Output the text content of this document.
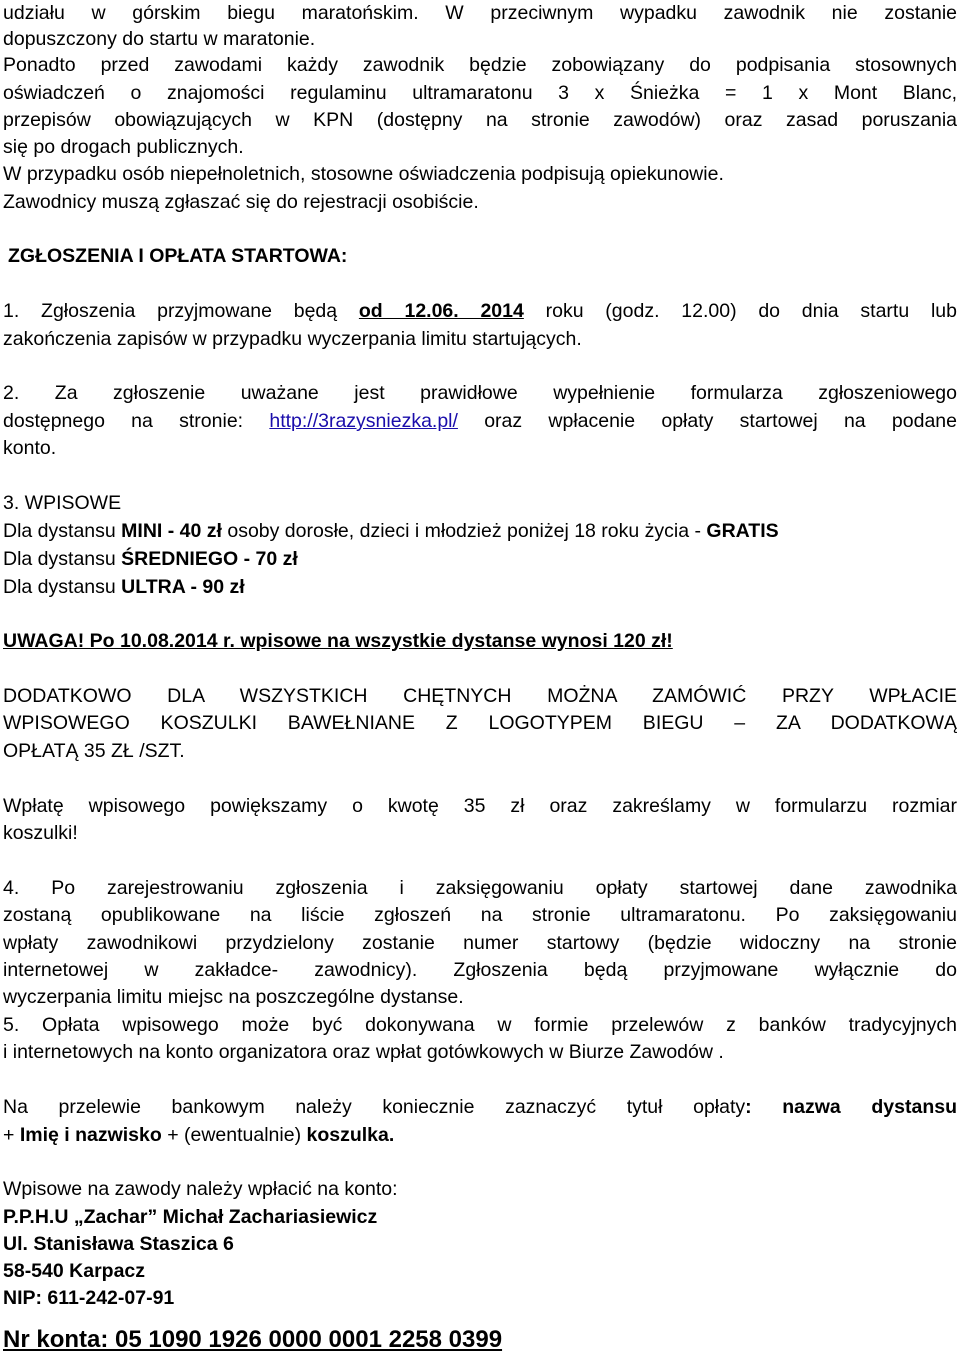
udziału w górskim biegu maratońskim. W przeciwnym wypadku zawodnik nie zostanie
dopuszczony do startu w maratonie.
Ponadto przed zawodami każdy zawodnik będzie zobowiązany do podpisania stosownych
oświadczeń o znajomości regulaminu ultramaratonu 3 x Śnieżka = 1 x Mont Blanc,
przepisów obowiązujących w KPN (dostępny na stronie zawodów) oraz zasad poruszania
się po drogach publicznych.
W przypadku osób niepełnoletnich, stosowne oświadczenia podpisują opiekunowie.
Zawodnicy muszą zgłaszać się do rejestracji osobiście.
ZGŁOSZENIA I OPŁATA STARTOWA:
1. Zgłoszenia przyjmowane będą od 12.06. 2014 roku (godz. 12.00) do dnia startu lub
zakończenia zapisów w przypadku wyczerpania limitu startujących.
2. Za zgłoszenie uważane jest prawidłowe wypełnienie formularza zgłoszeniowego
dostępnego na stronie: http://3razysniezka.pl/ oraz wpłacenie opłaty startowej na podane
konto.
3. WPISOWE
Dla dystansu MINI - 40 zł osoby dorosłe, dzieci i młodzież poniżej 18 roku życia - GRATIS
Dla dystansu ŚREDNIEGO - 70 zł
Dla dystansu ULTRA - 90 zł
UWAGA! Po 10.08.2014 r. wpisowe na wszystkie dystanse wynosi 120 zł!
DODATKOWO DLA WSZYSTKICH CHĘTNYCH MOŻNA ZAMÓWIĆ PRZY WPŁACIE
WPISOWEGO KOSZULKI BAWEŁNIANE Z LOGOTYPEM BIEGU – ZA DODATKOWĄ
OPŁATĄ 35 ZŁ /SZT.
Wpłatę wpisowego powiększamy o kwotę 35 zł oraz zakreślamy w formularzu rozmiar
koszulki!
4. Po zarejestrowaniu zgłoszenia i zaksięgowaniu opłaty startowej dane zawodnika
zostaną opublikowane na liście zgłoszeń na stronie ultramaratonu. Po zaksięgowaniu
wpłaty zawodnikowi przydzielony zostanie numer startowy (będzie widoczny na stronie
internetowej w zakładce- zawodnicy). Zgłoszenia będą przyjmowane wyłącznie do
wyczerpania limitu miejsc na poszczególne dystanse.
5. Opłata wpisowego może być dokonywana w formie przelewów z banków tradycyjnych
i internetowych na konto organizatora oraz wpłat gotówkowych w Biurze Zawodów .
Na przelewie bankowym należy koniecznie zaznaczyć tytuł opłaty: nazwa dystansu
+ Imię i nazwisko + (ewentualnie) koszulka.
Wpisowe na zawody należy wpłacić na konto:
P.P.H.U „Zachar” Michał Zachariasiewicz
Ul. Stanisława Staszica 6
58-540 Karpacz
NIP: 611-242-07-91
Nr konta: 05 1090 1926 0000 0001 2258 0399
